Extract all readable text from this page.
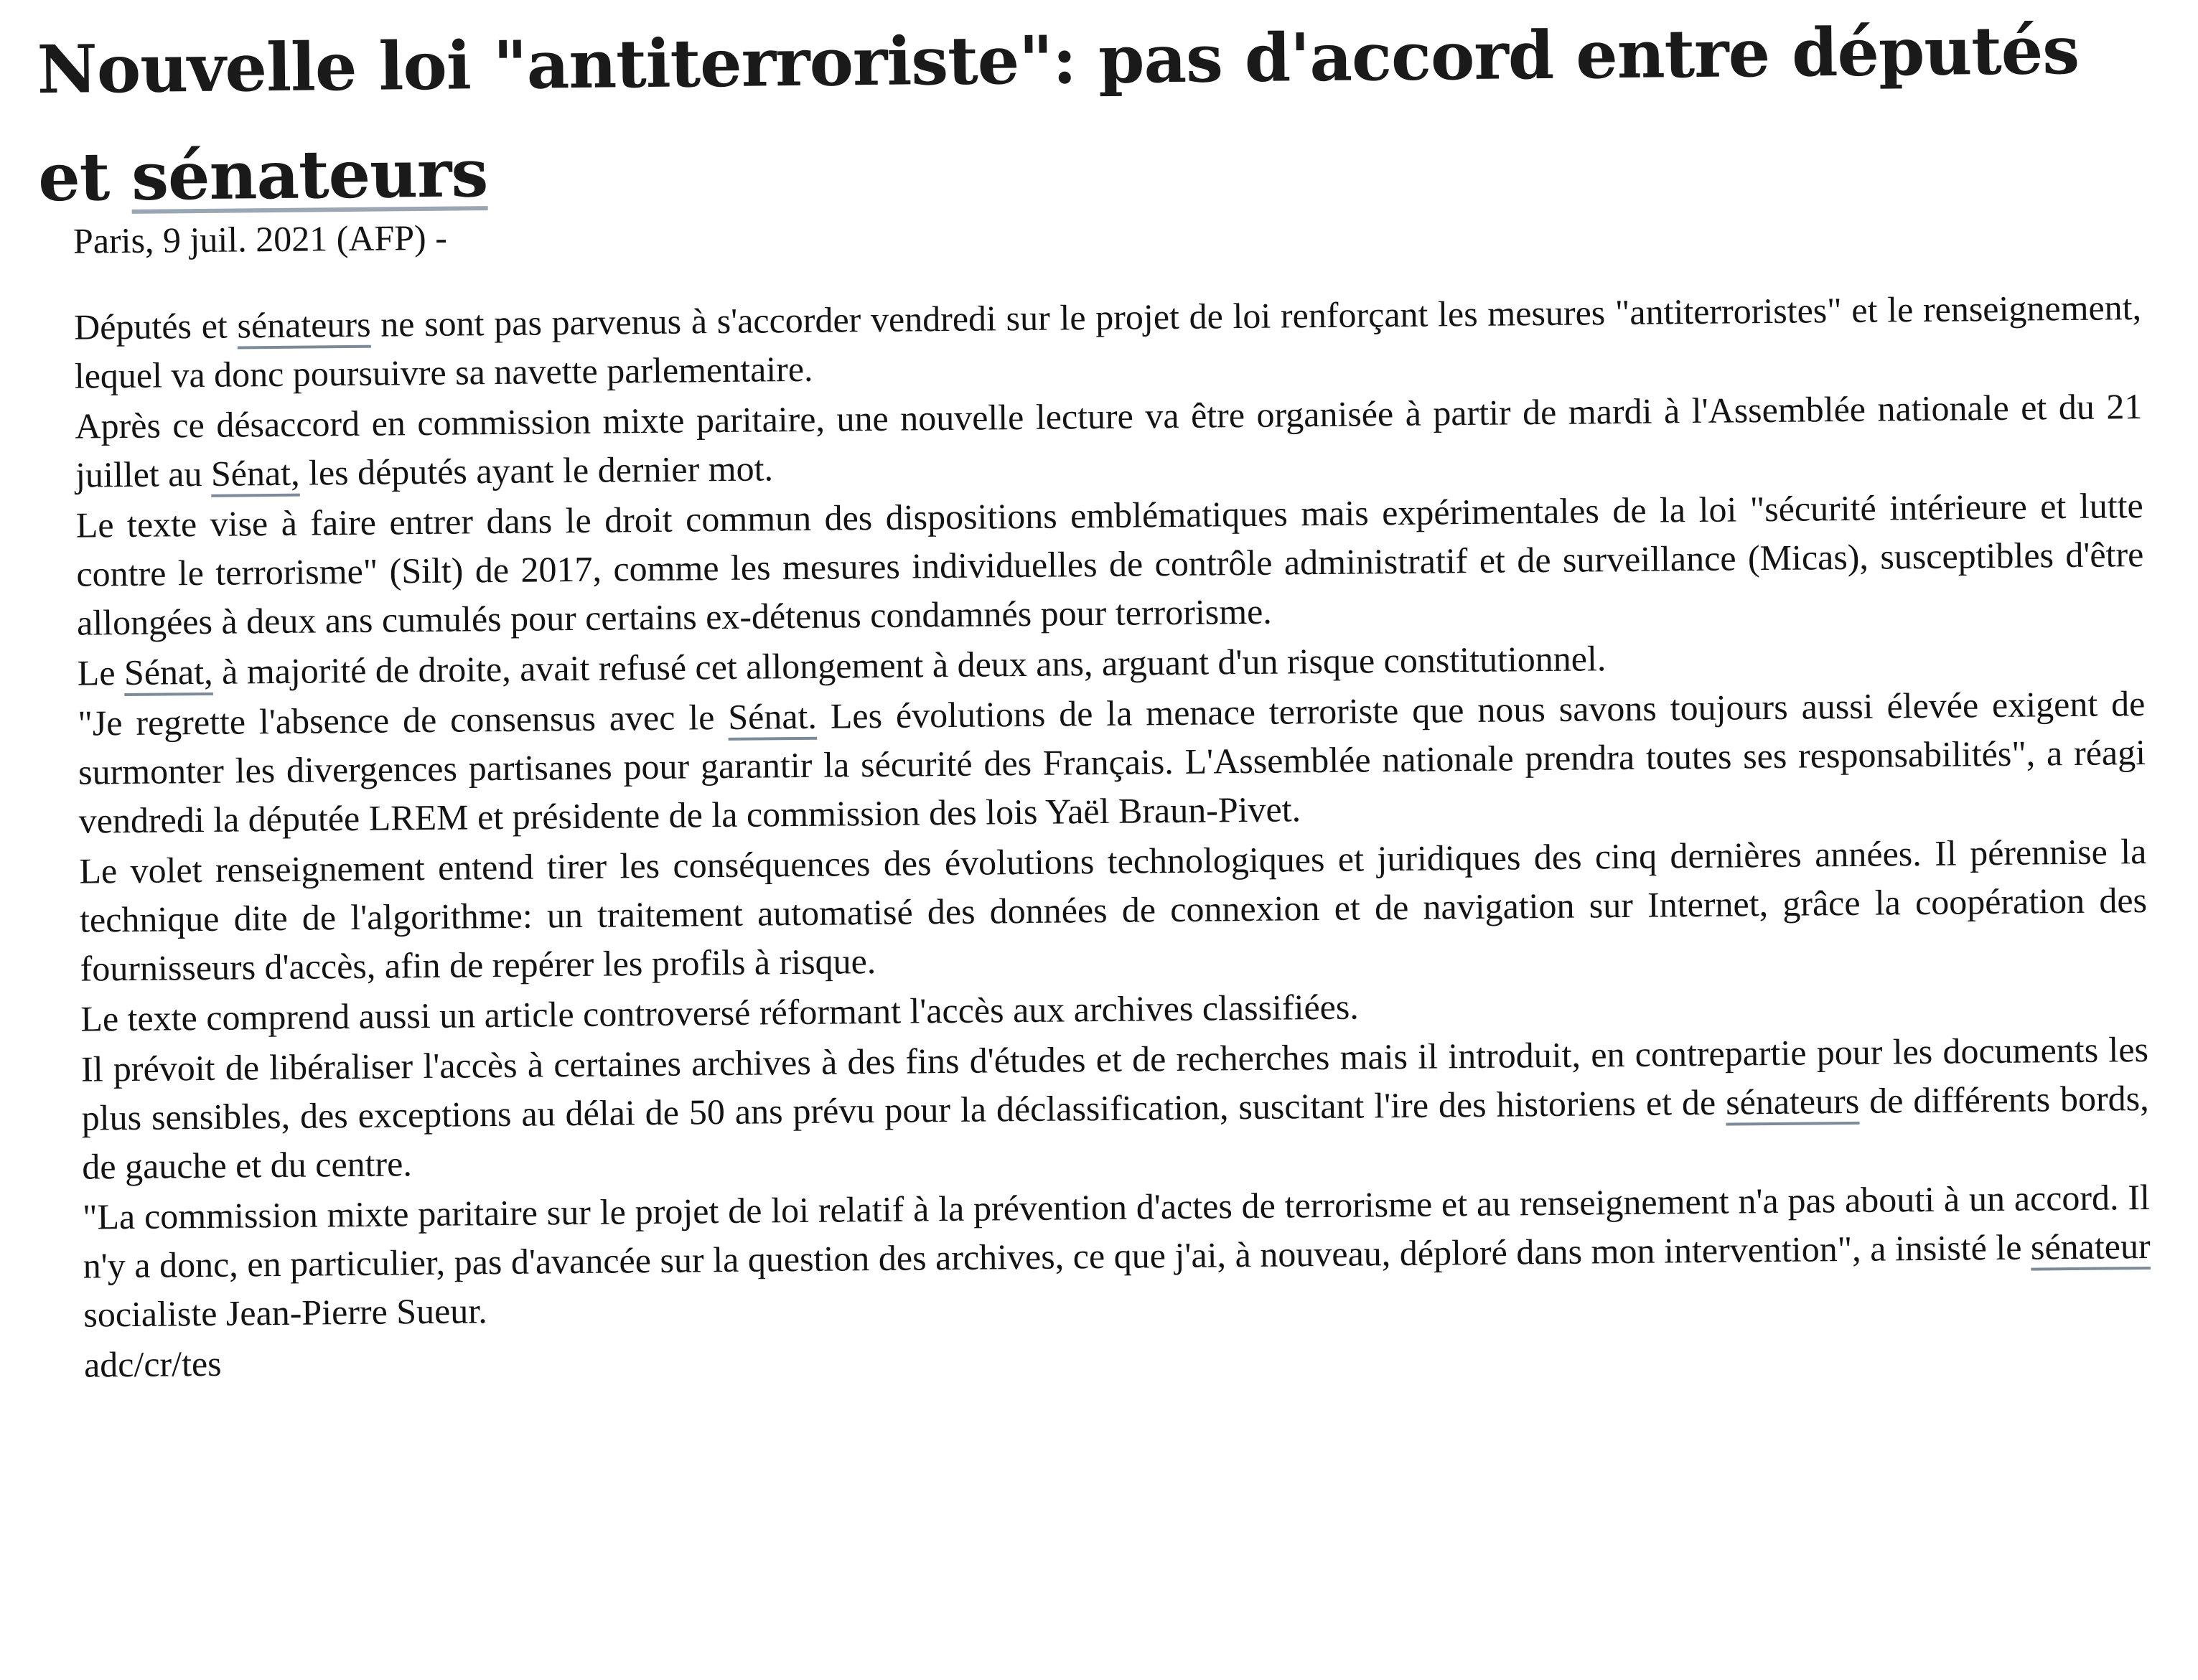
Nouvelle loi "antiterroriste": pas d'accord entre députés et sénateurs

Paris, 9 juil. 2021 (AFP) -

Députés et sénateurs ne sont pas parvenus à s'accorder vendredi sur le projet de loi renforçant les mesures "antiterroristes" et le renseignement, lequel va donc poursuivre sa navette parlementaire.

Après ce désaccord en commission mixte paritaire, une nouvelle lecture va être organisée à partir de mardi à l'Assemblée nationale et du 21 juillet au Sénat, les députés ayant le dernier mot.

Le texte vise à faire entrer dans le droit commun des dispositions emblématiques mais expérimentales de la loi "sécurité intérieure et lutte contre le terrorisme" (Silt) de 2017, comme les mesures individuelles de contrôle administratif et de surveillance (Micas), susceptibles d'être allongées à deux ans cumulés pour certains ex-détenus condamnés pour terrorisme.

Le Sénat, à majorité de droite, avait refusé cet allongement à deux ans, arguant d'un risque constitutionnel.

"Je regrette l'absence de consensus avec le Sénat. Les évolutions de la menace terroriste que nous savons toujours aussi élevée exigent de surmonter les divergences partisanes pour garantir la sécurité des Français. L'Assemblée nationale prendra toutes ses responsabilités", a réagi vendredi la députée LREM et présidente de la commission des lois Yaël Braun-Pivet.

Le volet renseignement entend tirer les conséquences des évolutions technologiques et juridiques des cinq dernières années. Il pérennise la technique dite de l'algorithme: un traitement automatisé des données de connexion et de navigation sur Internet, grâce la coopération des fournisseurs d'accès, afin de repérer les profils à risque.

Le texte comprend aussi un article controversé réformant l'accès aux archives classifiées.

Il prévoit de libéraliser l'accès à certaines archives à des fins d'études et de recherches mais il introduit, en contrepartie pour les documents les plus sensibles, des exceptions au délai de 50 ans prévu pour la déclassification, suscitant l'ire des historiens et de sénateurs de différents bords, de gauche et du centre.

"La commission mixte paritaire sur le projet de loi relatif à la prévention d'actes de terrorisme et au renseignement n'a pas abouti à un accord. Il n'y a donc, en particulier, pas d'avancée sur la question des archives, ce que j'ai, à nouveau, déploré dans mon intervention", a insisté le sénateur socialiste Jean-Pierre Sueur.

adc/cr/tes
